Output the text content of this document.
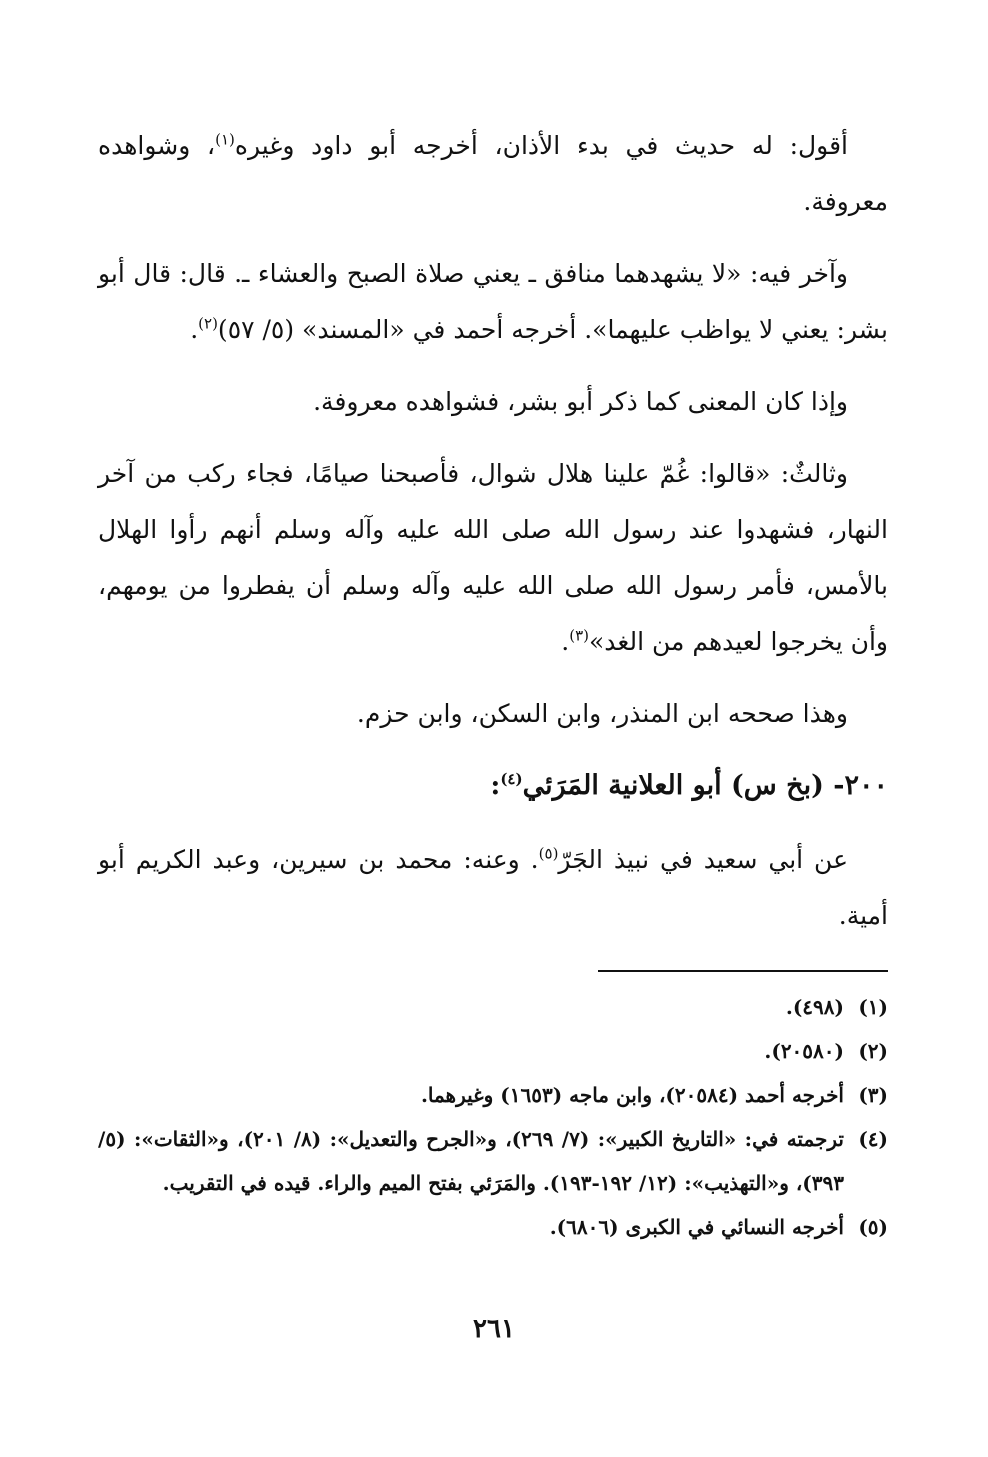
أقول: له حديث في بدء الأذان، أخرجه أبو داود وغيره$^{(١)}$، وشواهده معروفة.

وآخر فيه: «لا يشهدهما منافق ـ يعني صلاة الصبح والعشاء ـ. قال: قال أبو بشر: يعني لا يواظب عليهما». أخرجه أحمد في «المسند» (٥/ ٥٧)$^{(٢)}$.

وإذا كان المعنى كما ذكر أبو بشر، فشواهده معروفة.

وثالثٌ: «قالوا: غُمّ علينا هلال شوال، فأصبحنا صيامًا، فجاء ركب من آخر النهار، فشهدوا عند رسول الله صلى الله عليه وآله وسلم أنهم رأوا الهلال بالأمس، فأمر رسول الله صلى الله عليه وآله وسلم أن يفطروا من يومهم، وأن يخرجوا لعيدهم من الغد»$^{(٣)}$.

وهذا صححه ابن المنذر، وابن السكن، وابن حزم.

٢٠٠- (بخ س) أبو العلانية المَرَئي$^{(٤)}$:

عن أبي سعيد في نبيذ الجَرّ$^{(٥)}$. وعنه: محمد بن سيرين، وعبد الكريم أبو أمية.

(١)
(٤٩٨).
(٢)
(٢٠٥٨٠).
(٣)
أخرجه أحمد (٢٠٥٨٤)، وابن ماجه (١٦٥٣) وغيرهما.
(٤)
ترجمته في: «التاريخ الكبير»: (٧/ ٢٦٩)، و«الجرح والتعديل»: (٨/ ٢٠١)، و«الثقات»: (٥/ ٣٩٣)، و«التهذيب»: (١٢/ ١٩٢-١٩٣). والمَرَئي بفتح الميم والراء. قيده في التقريب.
(٥)
أخرجه النسائي في الكبرى (٦٨٠٦).
٢٦١
